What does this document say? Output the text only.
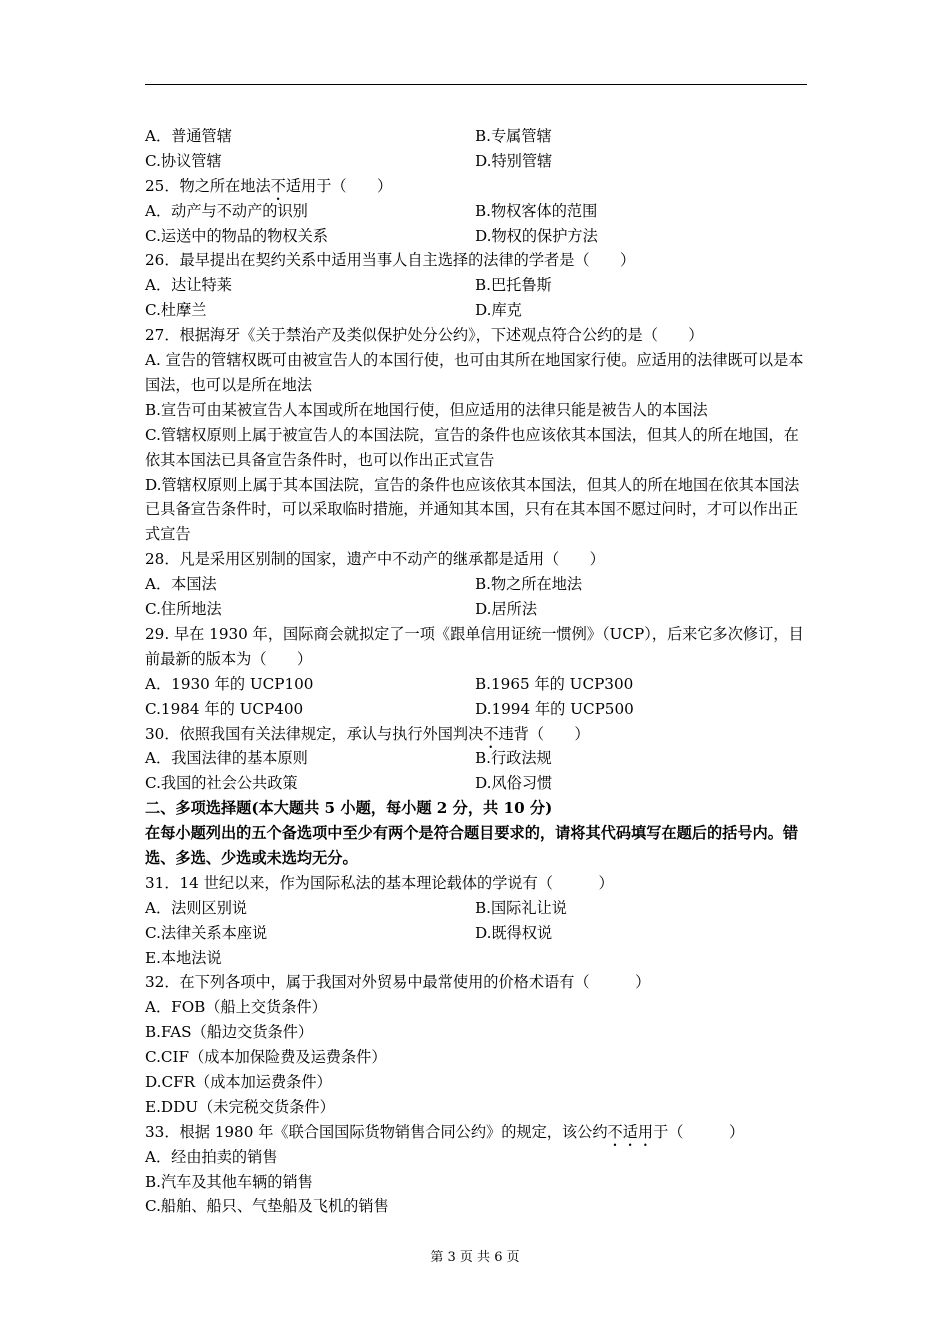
A．普通管辖	B.专属管辖
C.协议管辖	D.特别管辖
25．物之所在地法不适用于（　　）
A．动产与不动产的识别	B.物权客体的范围
C.运送中的物品的物权关系	D.物权的保护方法
26．最早提出在契约关系中适用当事人自主选择的法律的学者是（　　）
A．达让特莱	B.巴托鲁斯
C.杜摩兰	D.库克
27．根据海牙《关于禁治产及类似保护处分公约》，下述观点符合公约的是（　　）
A. 宣告的管辖权既可由被宣告人的本国行使，也可由其所在地国家行使。应适用的法律既可以是本国法，也可以是所在地法
B.宣告可由某被宣告人本国或所在地国行使，但应适用的法律只能是被告人的本国法
C.管辖权原则上属于被宣告人的本国法院，宣告的条件也应该依其本国法，但其人的所在地国，在依其本国法已具备宣告条件时，也可以作出正式宣告
D.管辖权原则上属于其本国法院，宣告的条件也应该依其本国法，但其人的所在地国在依其本国法已具备宣告条件时，可以采取临时措施，并通知其本国，只有在其本国不愿过问时，才可以作出正式宣告
28．凡是采用区别制的国家，遗产中不动产的继承都是适用（　　）
A．本国法	B.物之所在地法
C.住所地法	D.居所法
29. 早在 1930 年，国际商会就拟定了一项《跟单信用证统一惯例》（UCP），后来它多次修订，目前最新的版本为（　　）
A．1930 年的 UCP100	B.1965 年的 UCP300
C.1984 年的 UCP400	D.1994 年的 UCP500
30．依照我国有关法律规定，承认与执行外国判决不违背（　　）
A．我国法律的基本原则	B.行政法规
C.我国的社会公共政策	D.风俗习惯
二、多项选择题(本大题共 5 小题，每小题 2 分，共 10 分)
在每小题列出的五个备选项中至少有两个是符合题目要求的，请将其代码填写在题后的括号内。错选、多选、少选或未选均无分。
31．14 世纪以来，作为国际私法的基本理论载体的学说有（　　　）
A．法则区别说	B.国际礼让说
C.法律关系本座说	D.既得权说
E.本地法说
32．在下列各项中，属于我国对外贸易中最常使用的价格术语有（　　　）
A．FOB（船上交货条件）
B.FAS（船边交货条件）
C.CIF（成本加保险费及运费条件）
D.CFR（成本加运费条件）
E.DDU（未完税交货条件）
33．根据 1980 年《联合国国际货物销售合同公约》的规定，该公约不适用于（　　　）
A．经由拍卖的销售
B.汽车及其他车辆的销售
C.船舶、船只、气垫船及飞机的销售
第 3 页 共 6 页
